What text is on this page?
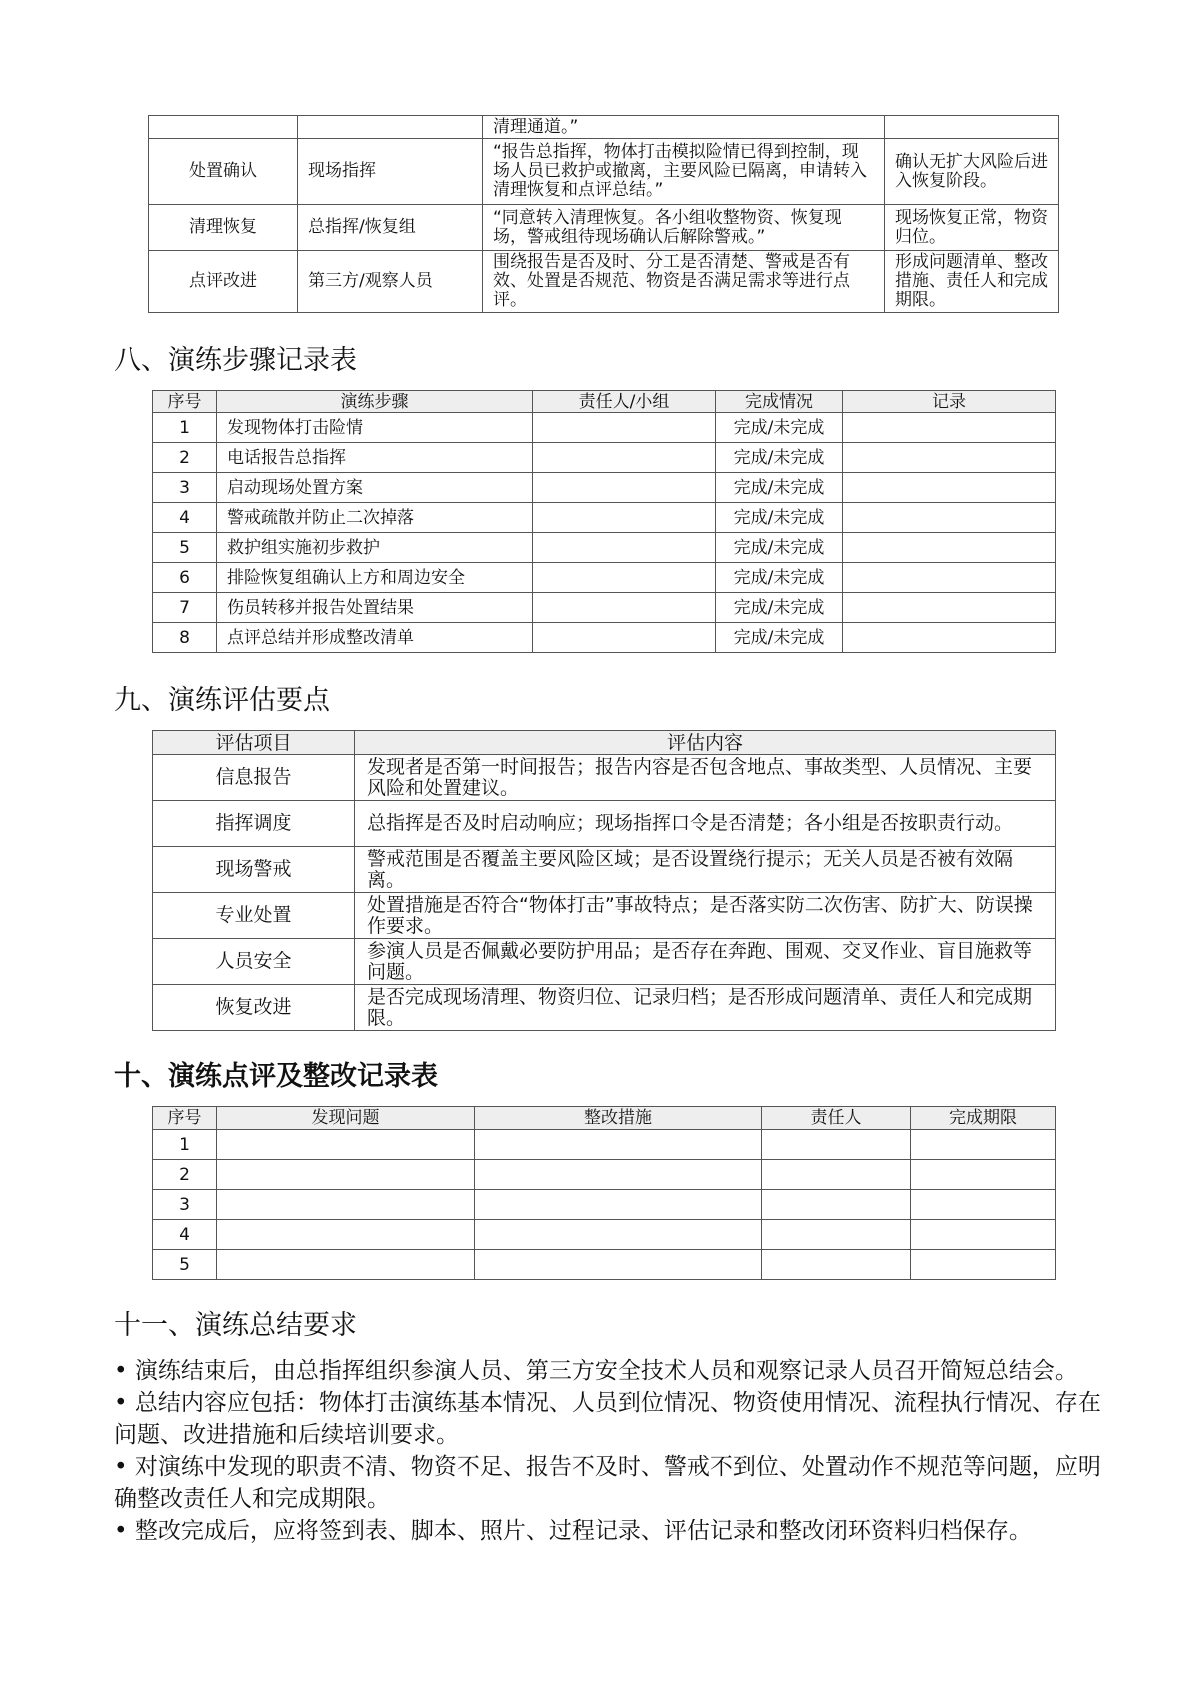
		清理通道。”	
处置确认	现场指挥	“报告总指挥，物体打击模拟险情已得到控制，现场人员已救护或撤离，主要风险已隔离，申请转入清理恢复和点评总结。”	确认无扩大风险后进入恢复阶段。
清理恢复	总指挥/恢复组	“同意转入清理恢复。各小组收整物资、恢复现场，警戒组待现场确认后解除警戒。”	现场恢复正常，物资归位。
点评改进	第三方/观察人员	围绕报告是否及时、分工是否清楚、警戒是否有效、处置是否规范、物资是否满足需求等进行点评。	形成问题清单、整改措施、责任人和完成期限。
八、演练步骤记录表
序号	演练步骤	责任人/小组	完成情况	记录
1	发现物体打击险情		完成/未完成	
2	电话报告总指挥		完成/未完成	
3	启动现场处置方案		完成/未完成	
4	警戒疏散并防止二次掉落		完成/未完成	
5	救护组实施初步救护		完成/未完成	
6	排险恢复组确认上方和周边安全		完成/未完成	
7	伤员转移并报告处置结果		完成/未完成	
8	点评总结并形成整改清单		完成/未完成	
九、演练评估要点
评估项目	评估内容
信息报告	发现者是否第一时间报告；报告内容是否包含地点、事故类型、人员情况、主要风险和处置建议。
指挥调度	总指挥是否及时启动响应；现场指挥口令是否清楚；各小组是否按职责行动。
现场警戒	警戒范围是否覆盖主要风险区域；是否设置绕行提示；无关人员是否被有效隔离。
专业处置	处置措施是否符合“物体打击”事故特点；是否落实防二次伤害、防扩大、防误操作要求。
人员安全	参演人员是否佩戴必要防护用品；是否存在奔跑、围观、交叉作业、盲目施救等问题。
恢复改进	是否完成现场清理、物资归位、记录归档；是否形成问题清单、责任人和完成期限。
十、演练点评及整改记录表
序号	发现问题	整改措施	责任人	完成期限
1				
2				
3				
4				
5				
十一、演练总结要求

• 演练结束后，由总指挥组织参演人员、第三方安全技术人员和观察记录人员召开简短总结会。

• 总结内容应包括：物体打击演练基本情况、人员到位情况、物资使用情况、流程执行情况、存在问题、改进措施和后续培训要求。

• 对演练中发现的职责不清、物资不足、报告不及时、警戒不到位、处置动作不规范等问题，应明确整改责任人和完成期限。

• 整改完成后，应将签到表、脚本、照片、过程记录、评估记录和整改闭环资料归档保存。
